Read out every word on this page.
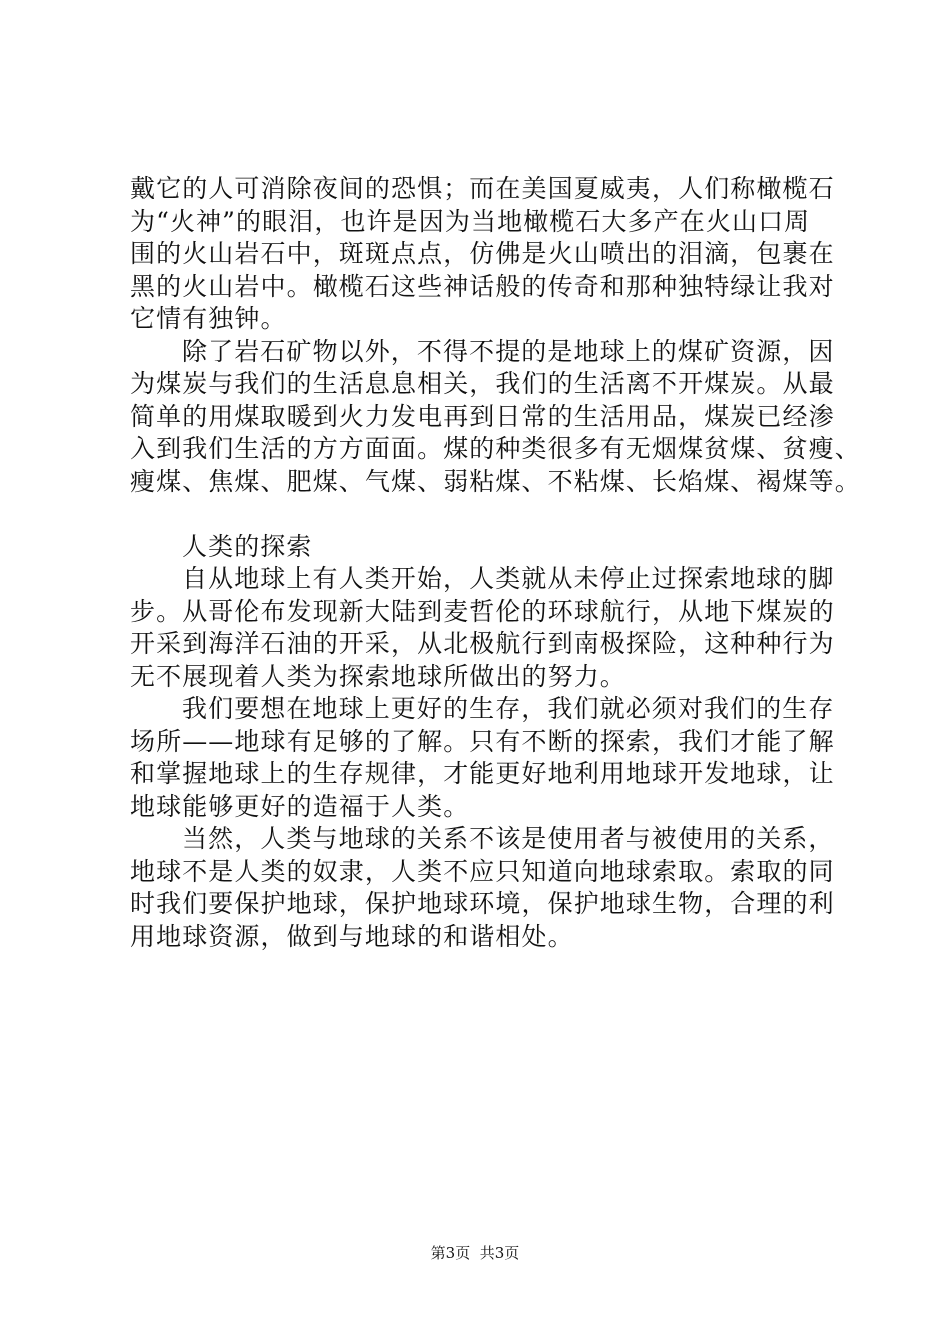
戴它的人可消除夜间的恐惧；而在美国夏威夷，人们称橄榄石
为“火神”的眼泪，也许是因为当地橄榄石大多产在火山口周
围的火山岩石中，斑斑点点，仿佛是火山喷出的泪滴，包裹在
黑的火山岩中。橄榄石这些神话般的传奇和那种独特绿让我对
它情有独钟。
除了岩石矿物以外，不得不提的是地球上的煤矿资源，因
为煤炭与我们的生活息息相关，我们的生活离不开煤炭。从最
简单的用煤取暖到火力发电再到日常的生活用品，煤炭已经渗
入到我们生活的方方面面。煤的种类很多有无烟煤贫煤、贫瘦、
瘦煤、焦煤、肥煤、气煤、弱粘煤、不粘煤、长焰煤、褐煤等。
人类的探索
自从地球上有人类开始，人类就从未停止过探索地球的脚
步。从哥伦布发现新大陆到麦哲伦的环球航行，从地下煤炭的
开采到海洋石油的开采，从北极航行到南极探险，这种种行为
无不展现着人类为探索地球所做出的努力。
我们要想在地球上更好的生存，我们就必须对我们的生存
场所——地球有足够的了解。只有不断的探索，我们才能了解
和掌握地球上的生存规律，才能更好地利用地球开发地球，让
地球能够更好的造福于人类。
当然，人类与地球的关系不该是使用者与被使用的关系，
地球不是人类的奴隶，人类不应只知道向地球索取。索取的同
时我们要保护地球，保护地球环境，保护地球生物，合理的利
用地球资源，做到与地球的和谐相处。
第3页 共3页
